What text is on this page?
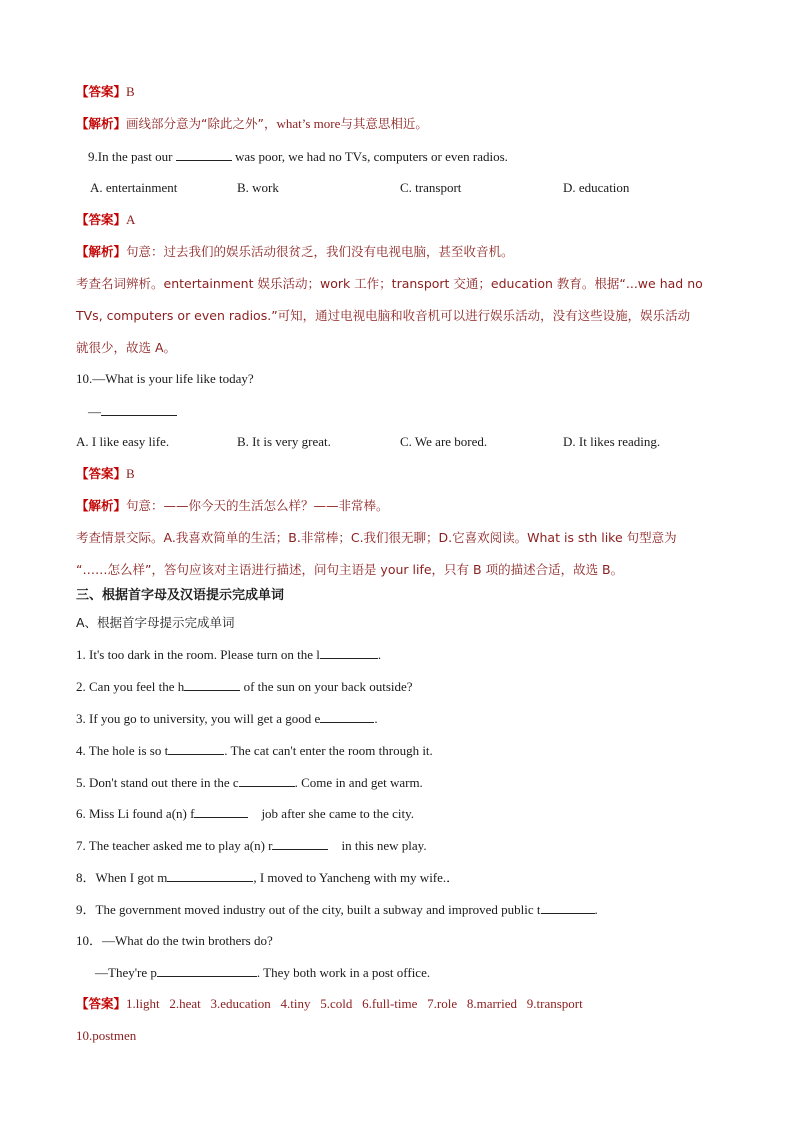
【答案】B
【解析】画线部分意为“除此之外”，what’s more与其意思相近。
9.In the past our	was poor, we had no TVs, computers or even radios.
A. entertainment	B. work	C. transport	D. education
【答案】A
【解析】句意：过去我们的娱乐活动很贫乏，我们没有电视电脑，甚至收音机。
考查名词辨析。entertainment 娱乐活动；work 工作；transport 交通；education 教育。根据“...we had no
TVs, computers or even radios.”可知，通过电视电脑和收音机可以进行娱乐活动，没有这些设施，娱乐活动
就很少，故选 A。
10.—What is your life like today?
—
A. I like easy life.	B. It is very great.	C. We are bored.	D. It likes reading.
【答案】B
【解析】句意：——你今天的生活怎么样？——非常棒。
考查情景交际。A.我喜欢简单的生活；B.非常棒；C.我们很无聊；D.它喜欢阅读。What is sth like 句型意为
“……怎么样”，答句应该对主语进行描述，问句主语是 your life，只有 B 项的描述合适，故选 B。
三、根据首字母及汉语提示完成单词
A、根据首字母提示完成单词
1. It's too dark in the room. Please turn on the l	.
2. Can you feel the h	of the sun on your back outside?
3. If you go to university, you will get a good e	.
4. The hole is so t	. The cat can't enter the room through it.
5. Don't stand out there in the c	. Come in and get warm.
6. Miss Li found a(n) f	job after she came to the city.
7. The teacher asked me to play a(n) r	in this new play.
8．When I got m	, I moved to Yancheng with my wife.．
9．The government moved industry out of the city, built a subway and improved public t	.
10．—What do the twin brothers do?
—They're p	. They both work in a post office.
【答案】1.light   2.heat   3.education   4.tiny   5.cold   6.full-time   7.role   8.married   9.transport
10.postmen
